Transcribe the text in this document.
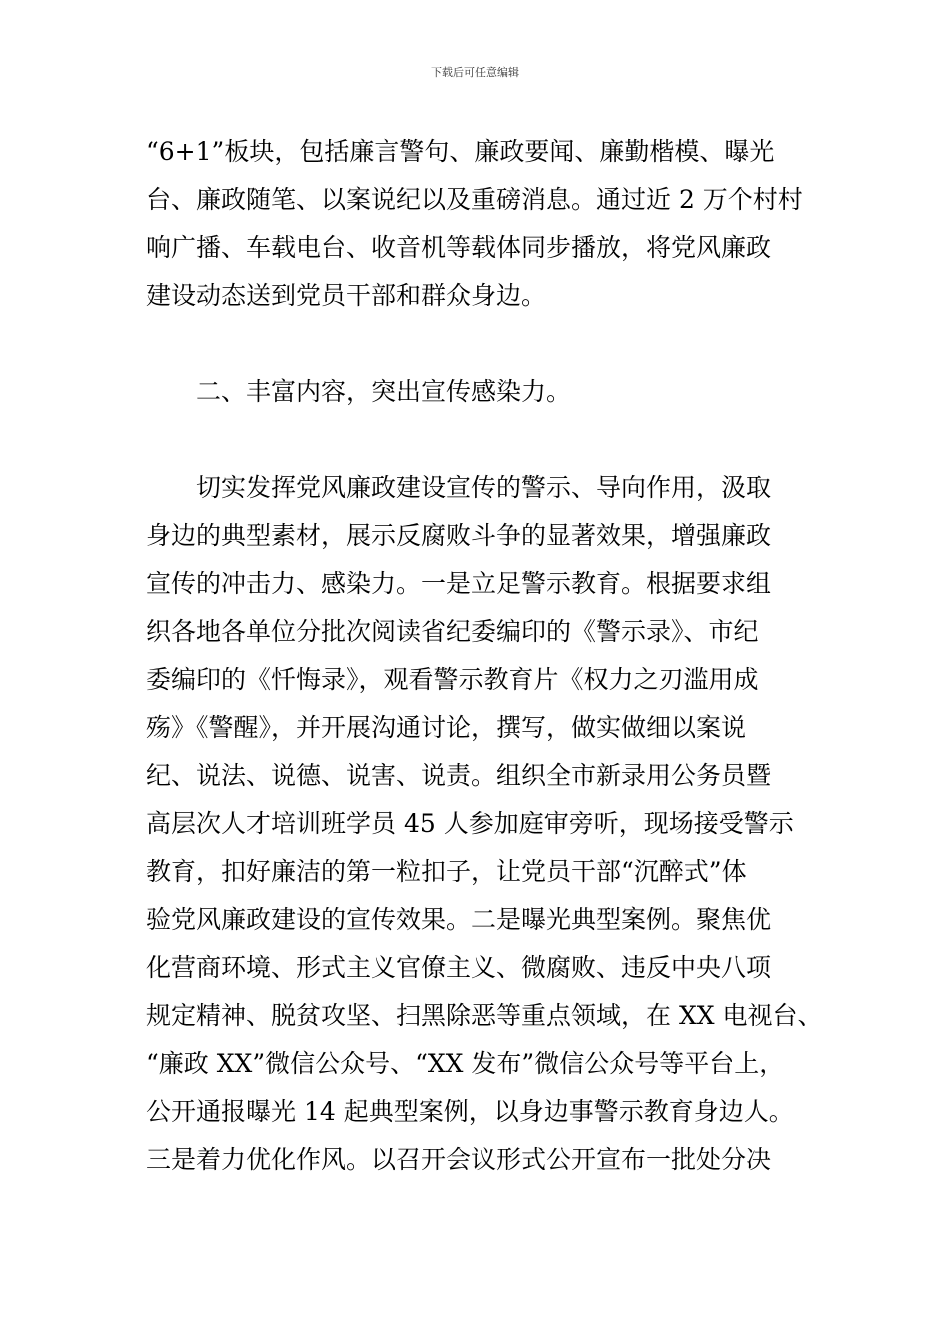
下载后可任意编辑
“6+1”板块，包括廉言警句、廉政要闻、廉勤楷模、曝光
台、廉政随笔、以案说纪以及重磅消息。通过近 2 万个村村
响广播、车载电台、收音机等载体同步播放，将党风廉政
建设动态送到党员干部和群众身边。
二、丰富内容，突出宣传感染力。
切实发挥党风廉政建设宣传的警示、导向作用，汲取
身边的典型素材，展示反腐败斗争的显著效果，增强廉政
宣传的冲击力、感染力。一是立足警示教育。根据要求组
织各地各单位分批次阅读省纪委编印的《警示录》、市纪
委编印的《忏悔录》，观看警示教育片《权力之刃滥用成
殇》《警醒》，并开展沟通讨论，撰写，做实做细以案说
纪、说法、说德、说害、说责。组织全市新录用公务员暨
高层次人才培训班学员 45 人参加庭审旁听，现场接受警示
教育，扣好廉洁的第一粒扣子，让党员干部“沉醉式”体
验党风廉政建设的宣传效果。二是曝光典型案例。聚焦优
化营商环境、形式主义官僚主义、微腐败、违反中央八项
规定精神、脱贫攻坚、扫黑除恶等重点领域，在 XX 电视台、
“廉政 XX”微信公众号、“XX 发布”微信公众号等平台上，
公开通报曝光 14 起典型案例，以身边事警示教育身边人。
三是着力优化作风。以召开会议形式公开宣布一批处分决
